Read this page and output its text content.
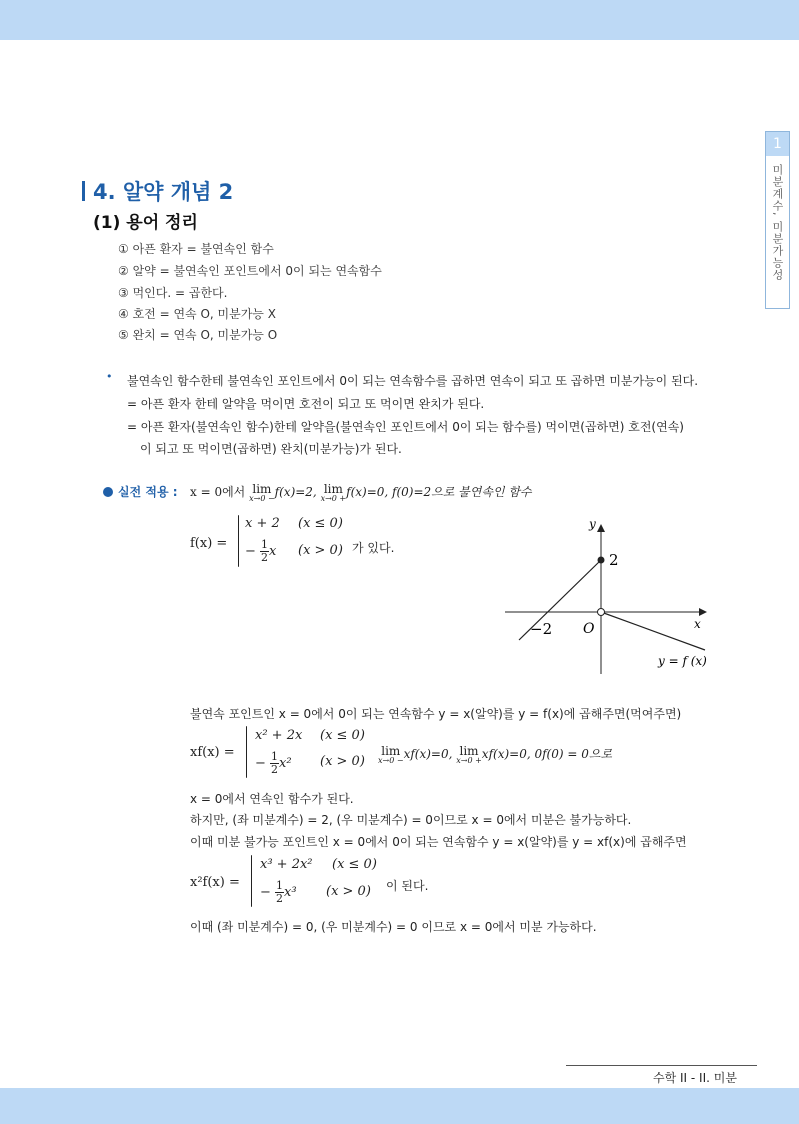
1
미분계수, 미분가능성
4. 알약 개념 2
(1) 용어 정리
① 아픈 환자 = 불연속인 함수
② 알약 = 불연속인 포인트에서 0이 되는 연속함수
③ 먹인다. = 곱한다.
④ 호전 = 연속 O, 미분가능 X
⑤ 완치 = 연속 O, 미분가능 O
• 불연속인 함수한테 불연속인 포인트에서 0이 되는 연속함수를 곱하면 연속이 되고 또 곱하면 미분가능이 된다.
= 아픈 환자 한테 알약을 먹이면 호전이 되고 또 먹이면 완치가 된다.
= 아픈 환자(불연속인 함수)한테 알약을(불연속인 포인트에서 0이 되는 함수를) 먹이면(곱하면) 호전(연속)
이 되고 또 먹이면(곱하면) 완치(미분가능)가 된다.
실전 적용 : x = 0에서 lim
x→0 − f(x)=2, lim
x→0 + f(x)=0, f(0)=2으로 불연속인 함수
f(x) =
x + 2 (x ≤ 0)
− $\frac{1}{2}$ x (x > 0) 가 있다.
y
x
O
2
−2
y = f (x)
불연속 포인트인 x = 0에서 0이 되는 연속함수 y = x(알약)를 y = f(x)에 곱해주면(먹여주면)
xf(x) =
x² + 2x (x ≤ 0)
− $\frac{1}{2} x^2$ (x > 0)
lim
x→0 − xf(x)=0, lim
x→0 + xf(x)=0, 0f(0) = 0으로
x = 0에서 연속인 함수가 된다.
하지만, (좌 미분계수) = 2, (우 미분계수) = 0이므로 x = 0에서 미분은 불가능하다.
이때 미분 불가능 포인트인 x = 0에서 0이 되는 연속함수 y = x(알약)를 y = xf(x)에 곱해주면
x²f(x) =
x³ + 2x² (x ≤ 0)
− $\frac{1}{2} x^3$ (x > 0) 이 된다.
이때 (좌 미분계수) = 0, (우 미분계수) = 0 이므로 x = 0에서 미분 가능하다.
수학 II - II. 미분
